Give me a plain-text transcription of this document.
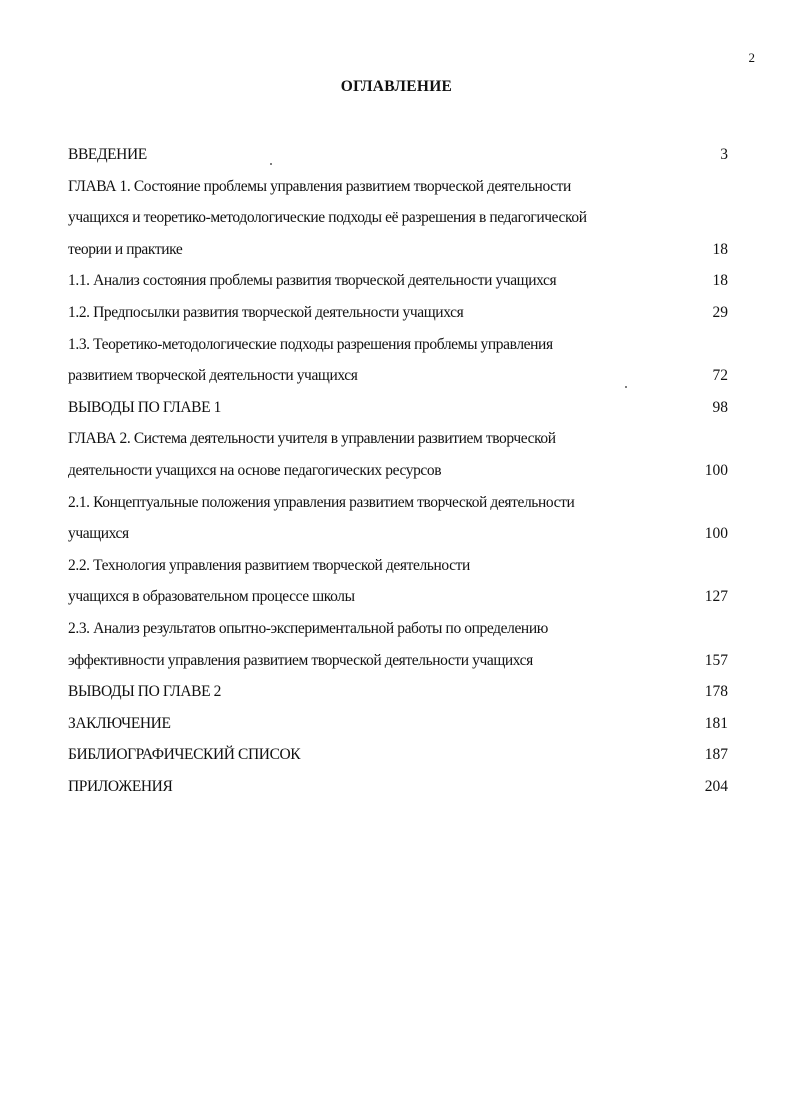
2
ОГЛАВЛЕНИЕ
ВВЕДЕНИЕ	3
ГЛАВА 1. Состояние проблемы управления развитием творческой деятельности
учащихся и теоретико-методологические подходы её разрешения в педагогической
теории и практике	18
1.1. Анализ состояния проблемы развития творческой деятельности учащихся	18
1.2. Предпосылки развития творческой деятельности учащихся	29
1.3. Теоретико-методологические подходы разрешения проблемы управления
развитием творческой деятельности учащихся	72
ВЫВОДЫ ПО ГЛАВЕ 1	98
ГЛАВА 2. Система деятельности учителя в управлении развитием творческой
деятельности учащихся на основе педагогических ресурсов	100
2.1. Концептуальные положения управления развитием творческой деятельности
учащихся	100
2.2. Технология управления развитием творческой деятельности
учащихся в образовательном процессе школы	127
2.3. Анализ результатов опытно-экспериментальной работы по определению
эффективности управления развитием творческой деятельности учащихся	157
ВЫВОДЫ ПО ГЛАВЕ 2	178
ЗАКЛЮЧЕНИЕ	181
БИБЛИОГРАФИЧЕСКИЙ СПИСОК	187
ПРИЛОЖЕНИЯ	204
